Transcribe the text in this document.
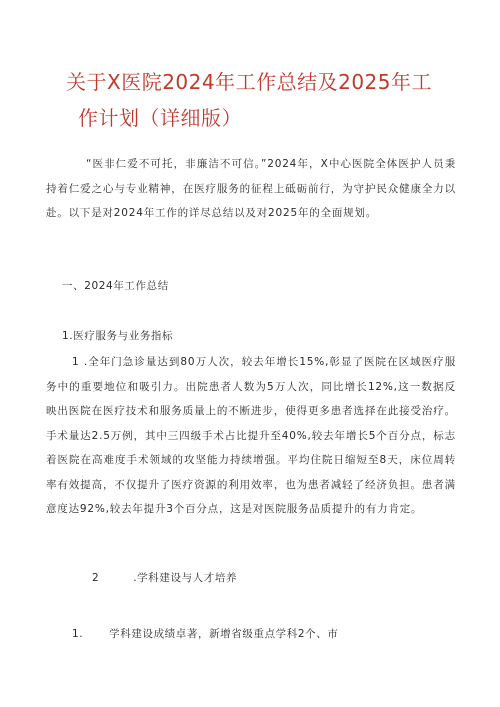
关于X医院2024年工作总结及2025年工
作计划（详细版）

“医非仁爱不可托，非廉洁不可信。”2024年，X中心医院全体医护人员秉持着仁爱之心与专业精神，在医疗服务的征程上砥砺前行，为守护民众健康全力以赴。以下是对2024年工作的详尽总结以及对2025年的全面规划。

一、2024年工作总结
1.医疗服务与业务指标

1 .全年门急诊量达到80万人次，较去年增长15%,彰显了医院在区域医疗服务中的重要地位和吸引力。出院患者人数为5万人次，同比增长12%,这一数据反映出医院在医疗技术和服务质量上的不断进步，使得更多患者选择在此接受治疗。手术量达2.5万例，其中三四级手术占比提升至40%,较去年增长5个百分点，标志着医院在高难度手术领域的攻坚能力持续增强。平均住院日缩短至8天，床位周转率有效提高，不仅提升了医疗资源的利用效率，也为患者减轻了经济负担。患者满意度达92%,较去年提升3个百分点，这是对医院服务品质提升的有力肯定。

2	.学科建设与人才培养
1. 学科建设成绩卓著，新增省级重点学科2个、市
